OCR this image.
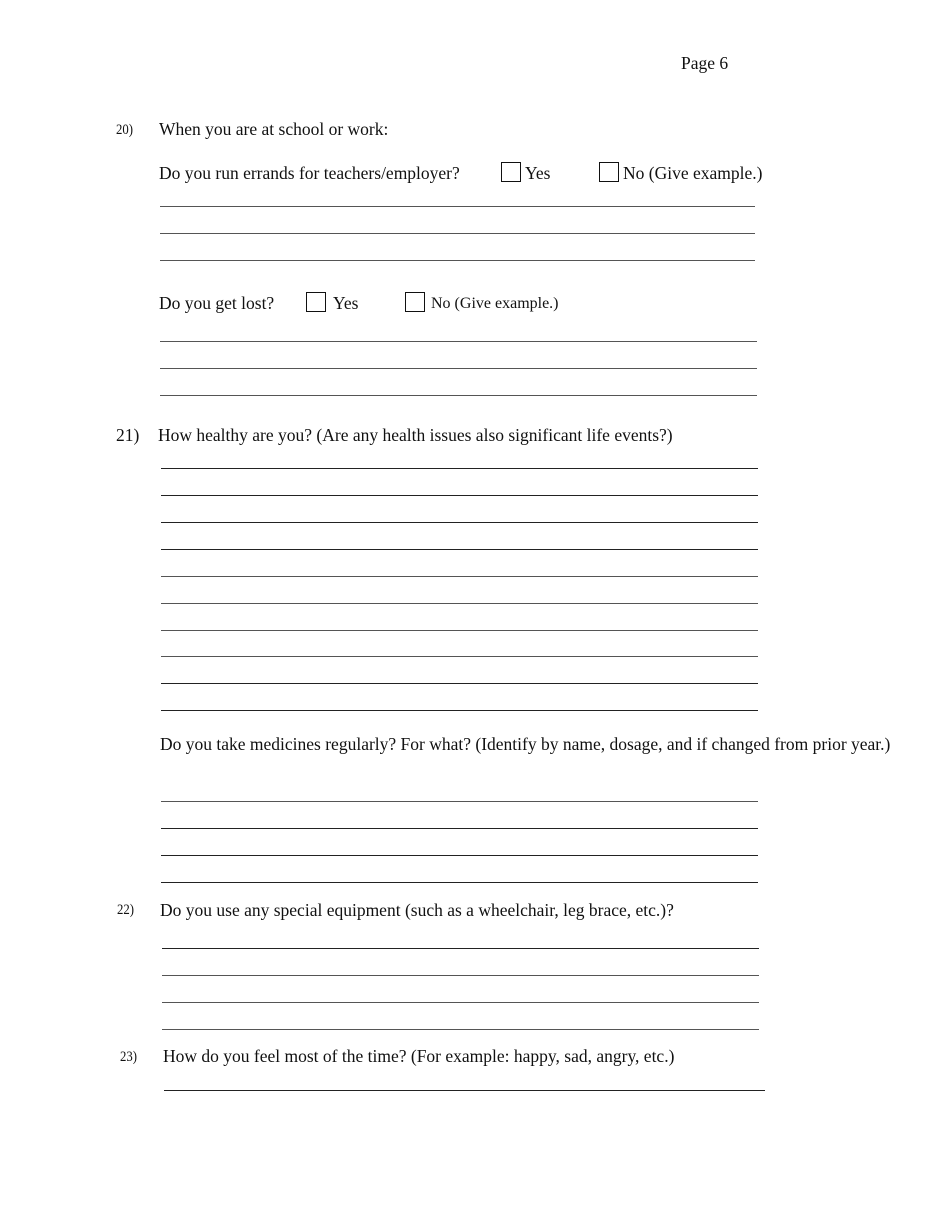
Page 6
20) When you are at school or work:
Do you run errands for teachers/employer?	Yes	No (Give example.)
Do you get lost?	Yes	No (Give example.)
21) How healthy are you? (Are any health issues also significant life events?)
Do you take medicines regularly? For what? (Identify by name, dosage, and if changed from prior year.)
22) Do you use any special equipment (such as a wheelchair, leg brace, etc.)?
23) How do you feel most of the time? (For example: happy, sad, angry, etc.)
